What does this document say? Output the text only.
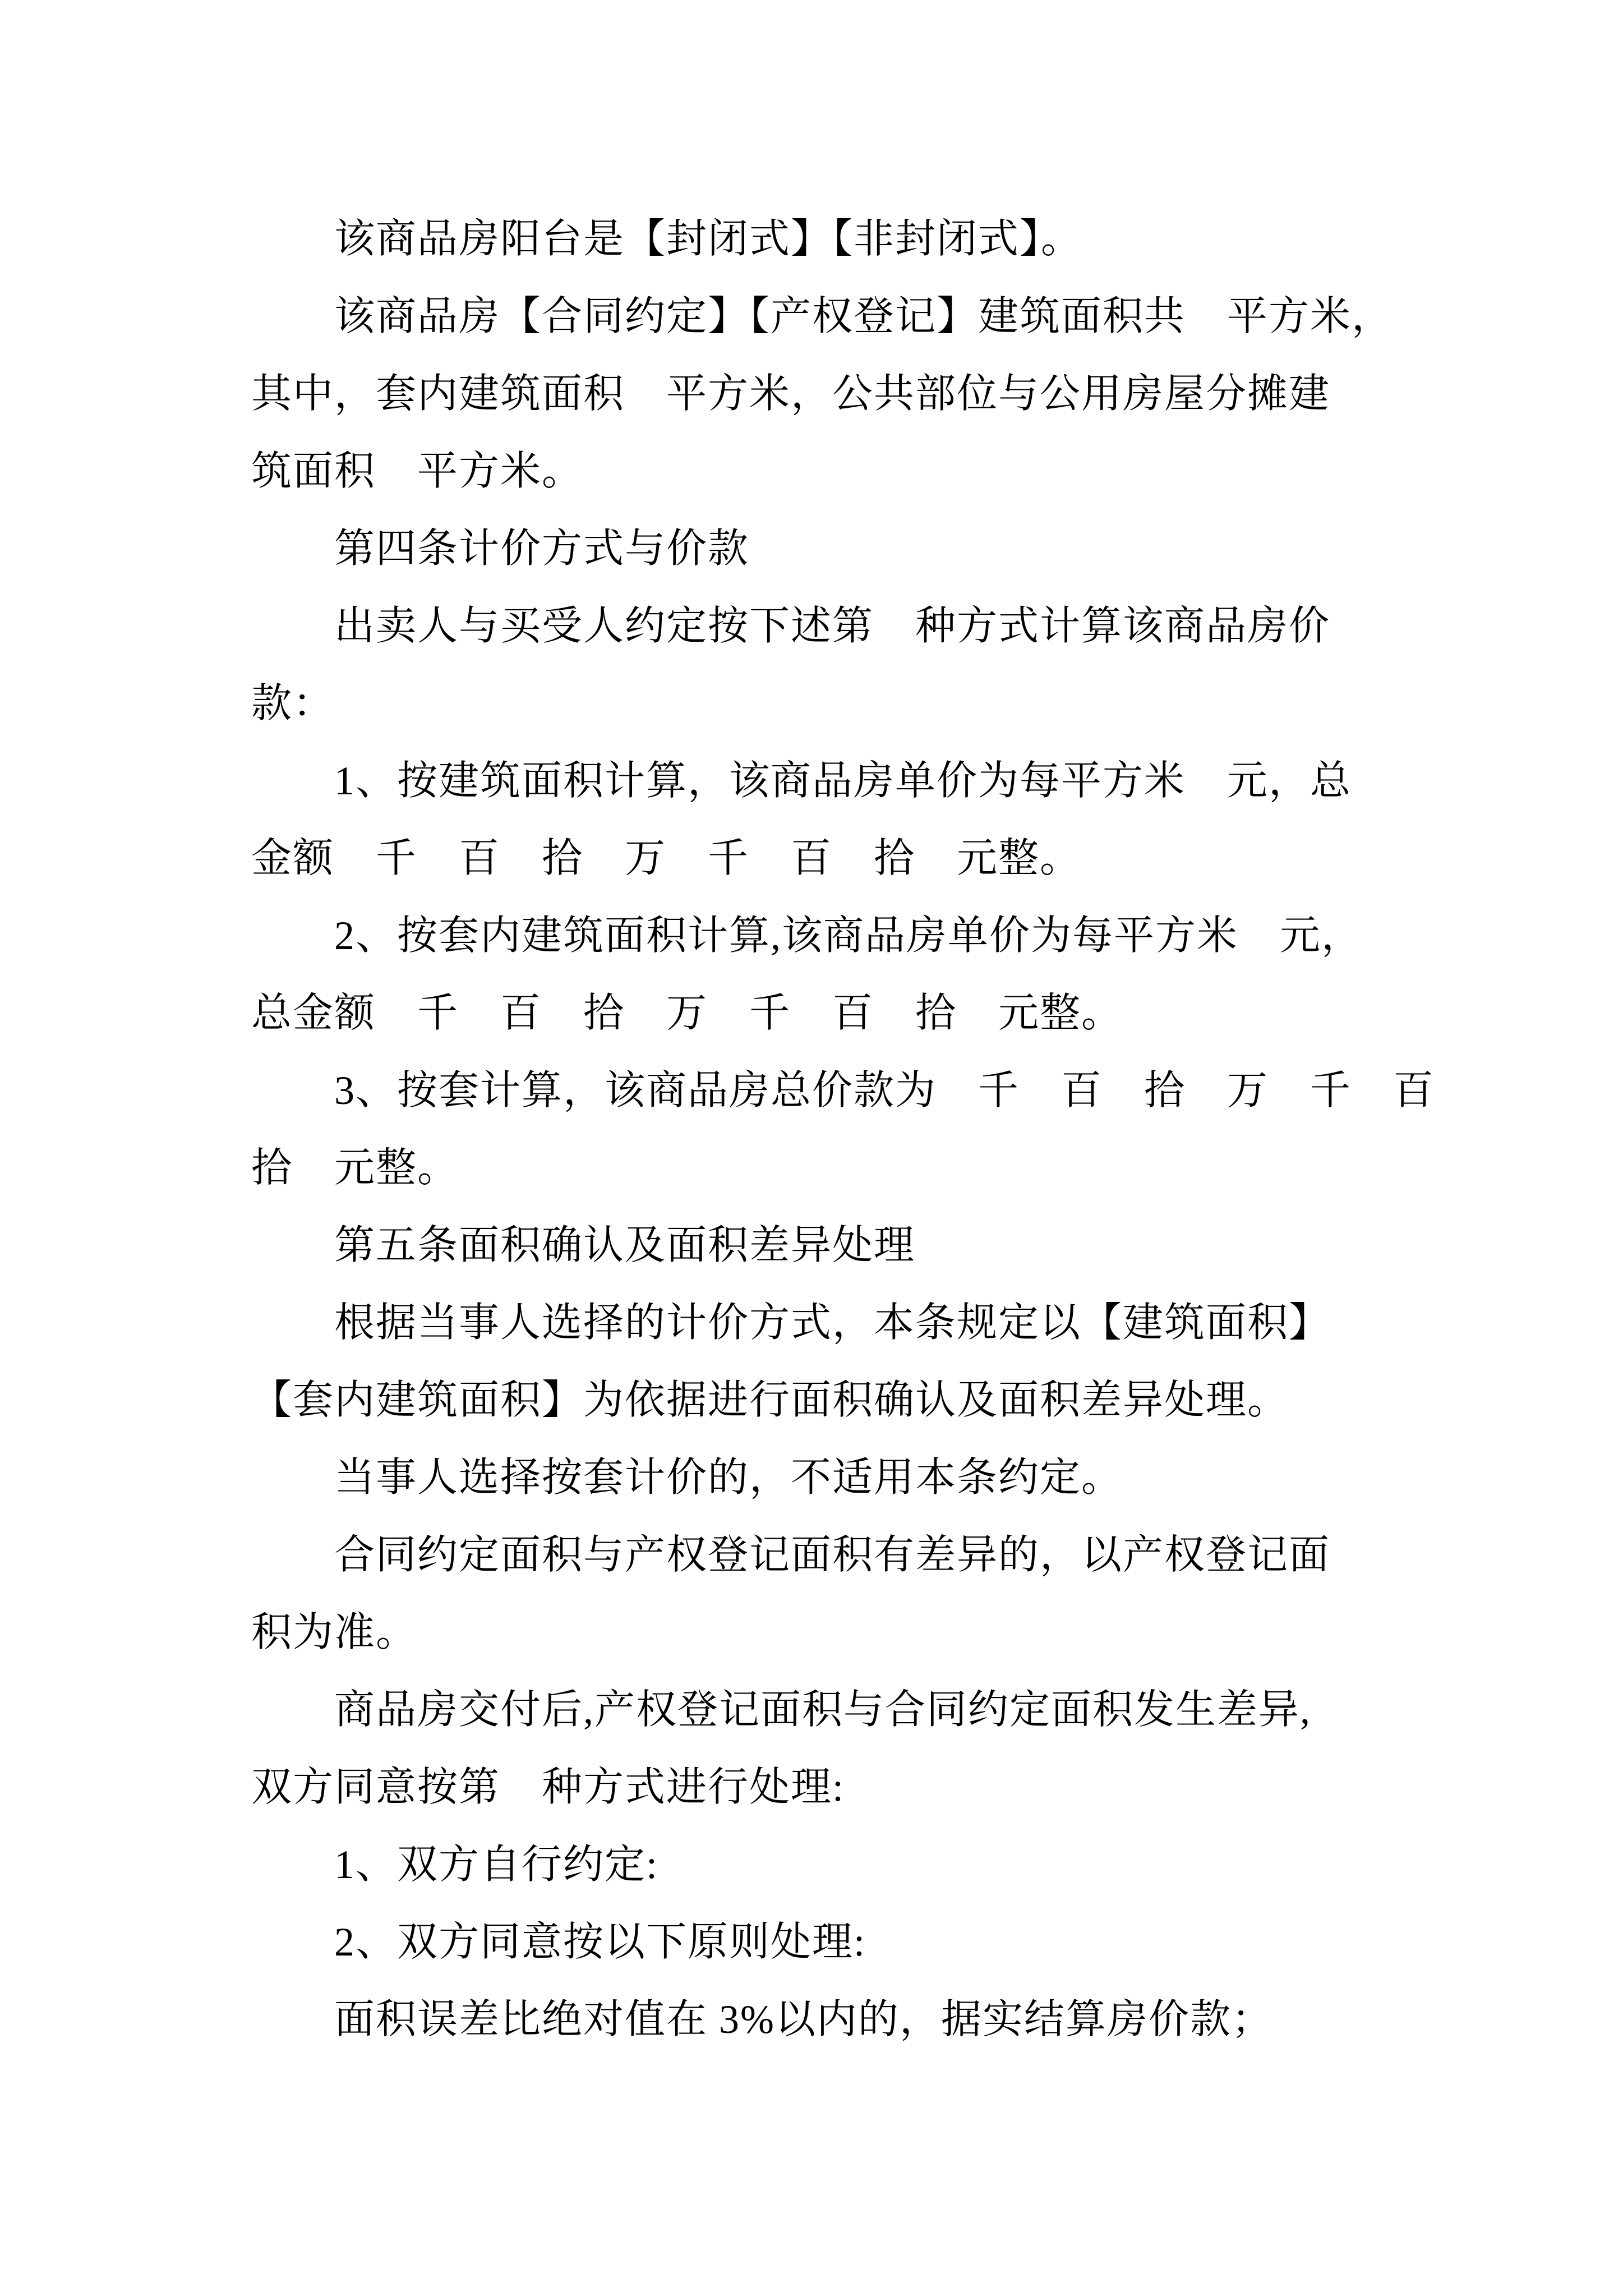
　　该商品房阳台是【封闭式】【非封闭式】。
　　该商品房【合同约定】【产权登记】建筑面积共　平方米，
其中，套内建筑面积　平方米，公共部位与公用房屋分摊建
筑面积　平方米。
　　第四条计价方式与价款
　　出卖人与买受人约定按下述第　种方式计算该商品房价
款：
　　1、按建筑面积计算，该商品房单价为每平方米　元，总
金额　千　百　拾　万　千　百　拾　元整。
　　2、按套内建筑面积计算,该商品房单价为每平方米　元，
总金额　千　百　拾　万　千　百　拾　元整。
　　3、按套计算，该商品房总价款为　千　百　拾　万　千　百
拾　元整。
　　第五条面积确认及面积差异处理
　　根据当事人选择的计价方式，本条规定以【建筑面积】
【套内建筑面积】为依据进行面积确认及面积差异处理。
　　当事人选择按套计价的，不适用本条约定。
　　合同约定面积与产权登记面积有差异的，以产权登记面
积为准。
　　商品房交付后,产权登记面积与合同约定面积发生差异,
双方同意按第　种方式进行处理:
　　1、双方自行约定:
　　2、双方同意按以下原则处理:
　　面积误差比绝对值在 3%以内的，据实结算房价款；
